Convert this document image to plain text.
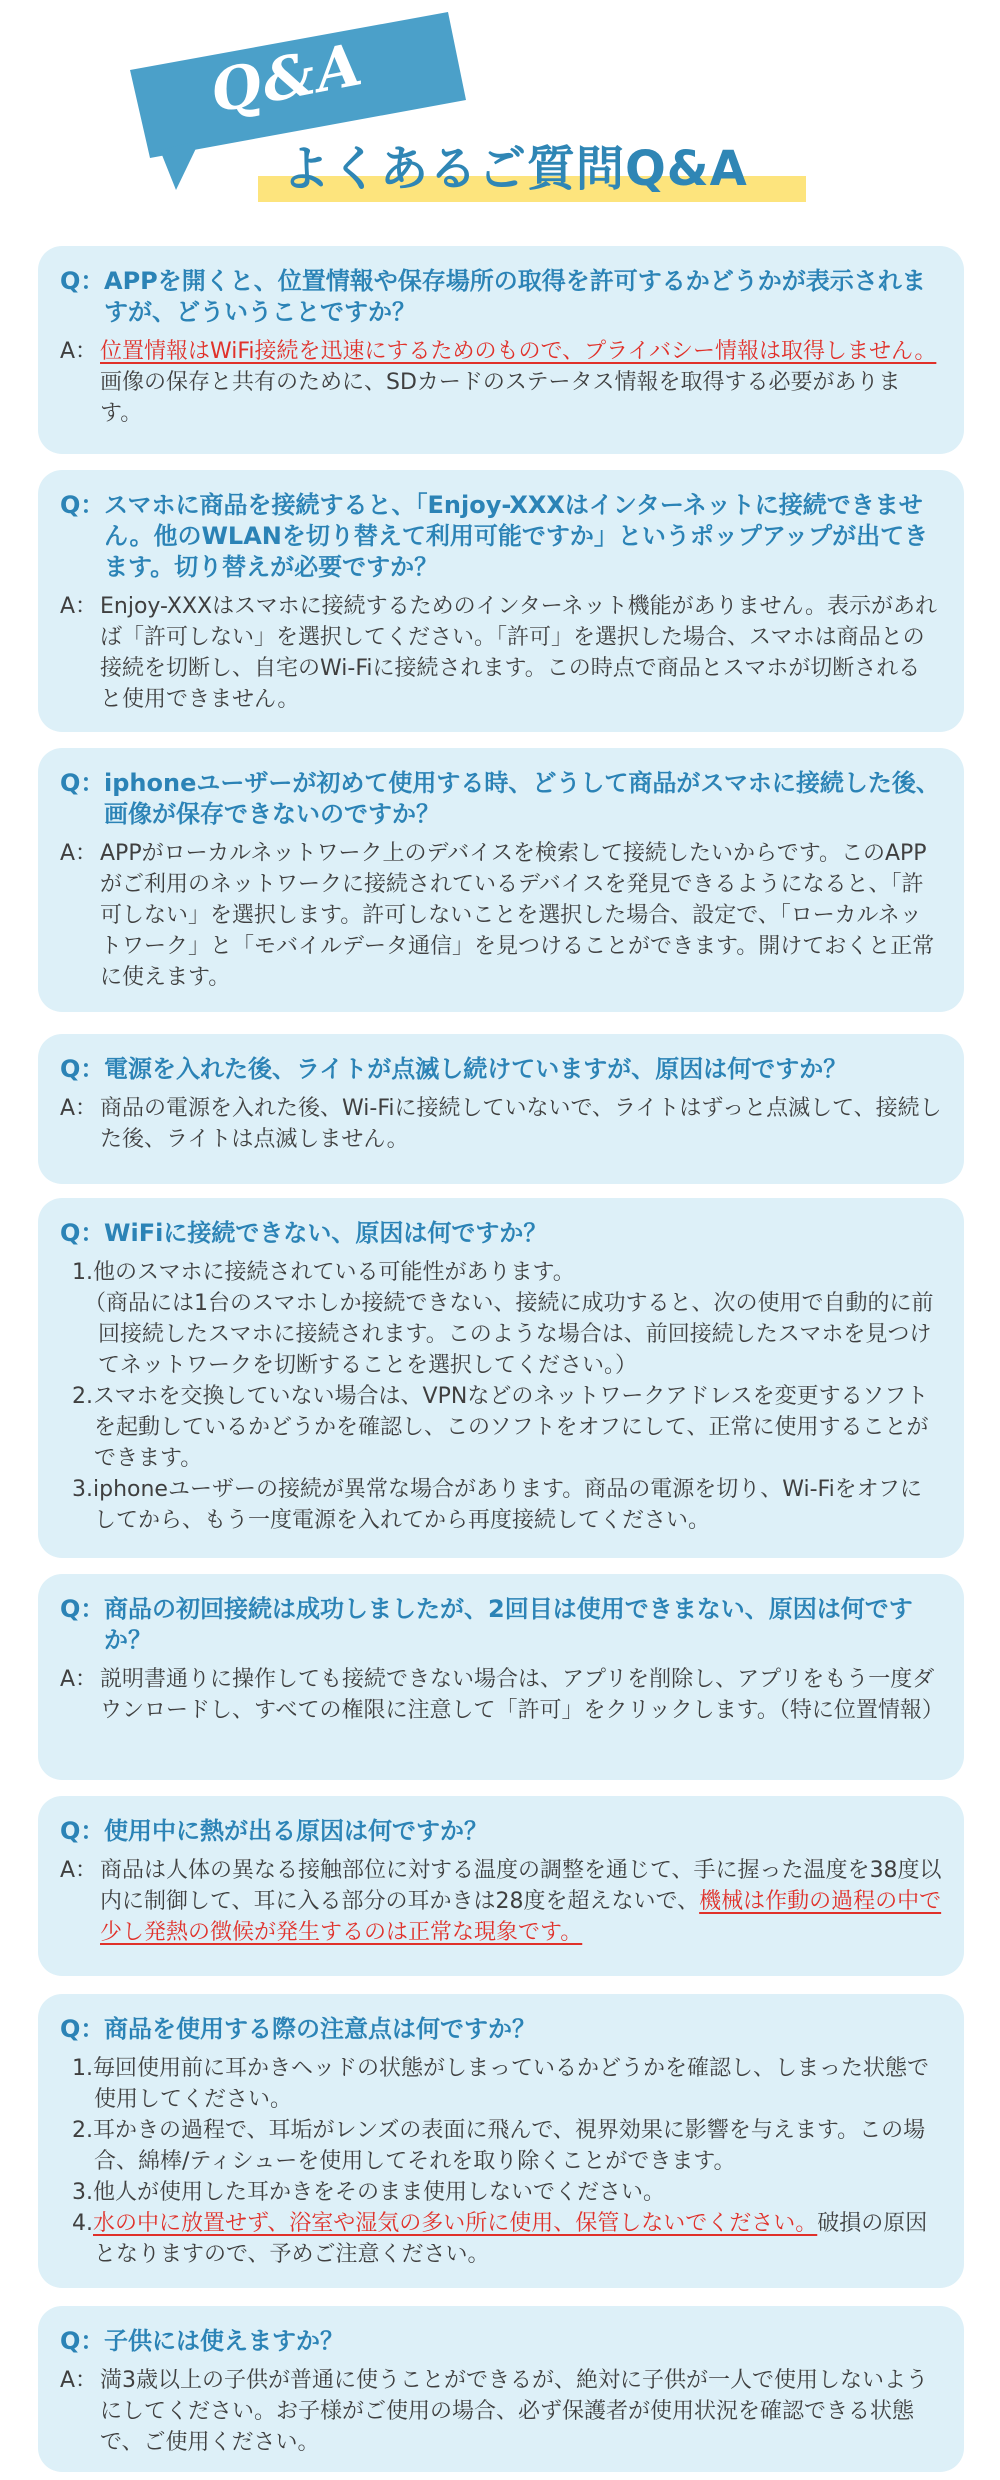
Q&A
よくあるご質問Q&A
Q： APPを開くと、位置情報や保存場所の取得を許可するかどうかが表示されますが、どういうことですか？
A： 位置情報はWiFi接続を迅速にするためのもので、プライバシー情報は取得しません。画像の保存と共有のために、SDカードのステータス情報を取得する必要があります。
Q： スマホに商品を接続すると、「Enjoy-XXXはインターネットに接続できません。他のWLANを切り替えて利用可能ですか」というポップアップが出てきます。切り替えが必要ですか？
A： Enjoy-XXXはスマホに接続するためのインターネット機能がありません。表示があれば「許可しない」を選択してください。「許可」を選択した場合、スマホは商品との接続を切断し、自宅のWi-Fiに接続されます。この時点で商品とスマホが切断されると使用できません。
Q： iphoneユーザーが初めて使用する時、どうして商品がスマホに接続した後、画像が保存できないのですか？
A： APPがローカルネットワーク上のデバイスを検索して接続したいからです。このAPPがご利用のネットワークに接続されているデバイスを発見できるようになると、「許可しない」を選択します。許可しないことを選択した場合、設定で、「ローカルネットワーク」と「モバイルデータ通信」を見つけることができます。開けておくと正常に使えます。
Q： 電源を入れた後、ライトが点滅し続けていますが、原因は何ですか？
A： 商品の電源を入れた後、Wi-Fiに接続していないで、ライトはずっと点滅して、接続した後、ライトは点滅しません。
Q： WiFiに接続できない、原因は何ですか？
1.他のスマホに接続されている可能性があります。
（商品には1台のスマホしか接続できない、接続に成功すると、次の使用で自動的に前回接続したスマホに接続されます。このような場合は、前回接続したスマホを見つけてネットワークを切断することを選択してください。）
2.スマホを交換していない場合は、VPNなどのネットワークアドレスを変更するソフトを起動しているかどうかを確認し、このソフトをオフにして、正常に使用することができます。
3.iphoneユーザーの接続が異常な場合があります。商品の電源を切り、Wi-Fiをオフにしてから、もう一度電源を入れてから再度接続してください。
Q： 商品の初回接続は成功しましたが、2回目は使用できまない、原因は何ですか？
A： 説明書通りに操作しても接続できない場合は、アプリを削除し、アプリをもう一度ダウンロードし、すべての権限に注意して「許可」をクリックします。（特に位置情報）
Q： 使用中に熱が出る原因は何ですか？
A： 商品は人体の異なる接触部位に対する温度の調整を通じて、手に握った温度を38度以内に制御して、耳に入る部分の耳かきは28度を超えないで、機械は作動の過程の中で少し発熱の徴候が発生するのは正常な現象です。
Q： 商品を使用する際の注意点は何ですか？
1.毎回使用前に耳かきヘッドの状態がしまっているかどうかを確認し、しまった状態で使用してください。
2.耳かきの過程で、耳垢がレンズの表面に飛んで、視界効果に影響を与えます。この場合、綿棒/ティシューを使用してそれを取り除くことができます。
3.他人が使用した耳かきをそのまま使用しないでください。
4.水の中に放置せず、浴室や湿気の多い所に使用、保管しないでください。破損の原因となりますので、予めご注意ください。
Q： 子供には使えますか？
A： 満3歳以上の子供が普通に使うことができるが、絶対に子供が一人で使用しないようにしてください。お子様がご使用の場合、必ず保護者が使用状況を確認できる状態で、ご使用ください。
